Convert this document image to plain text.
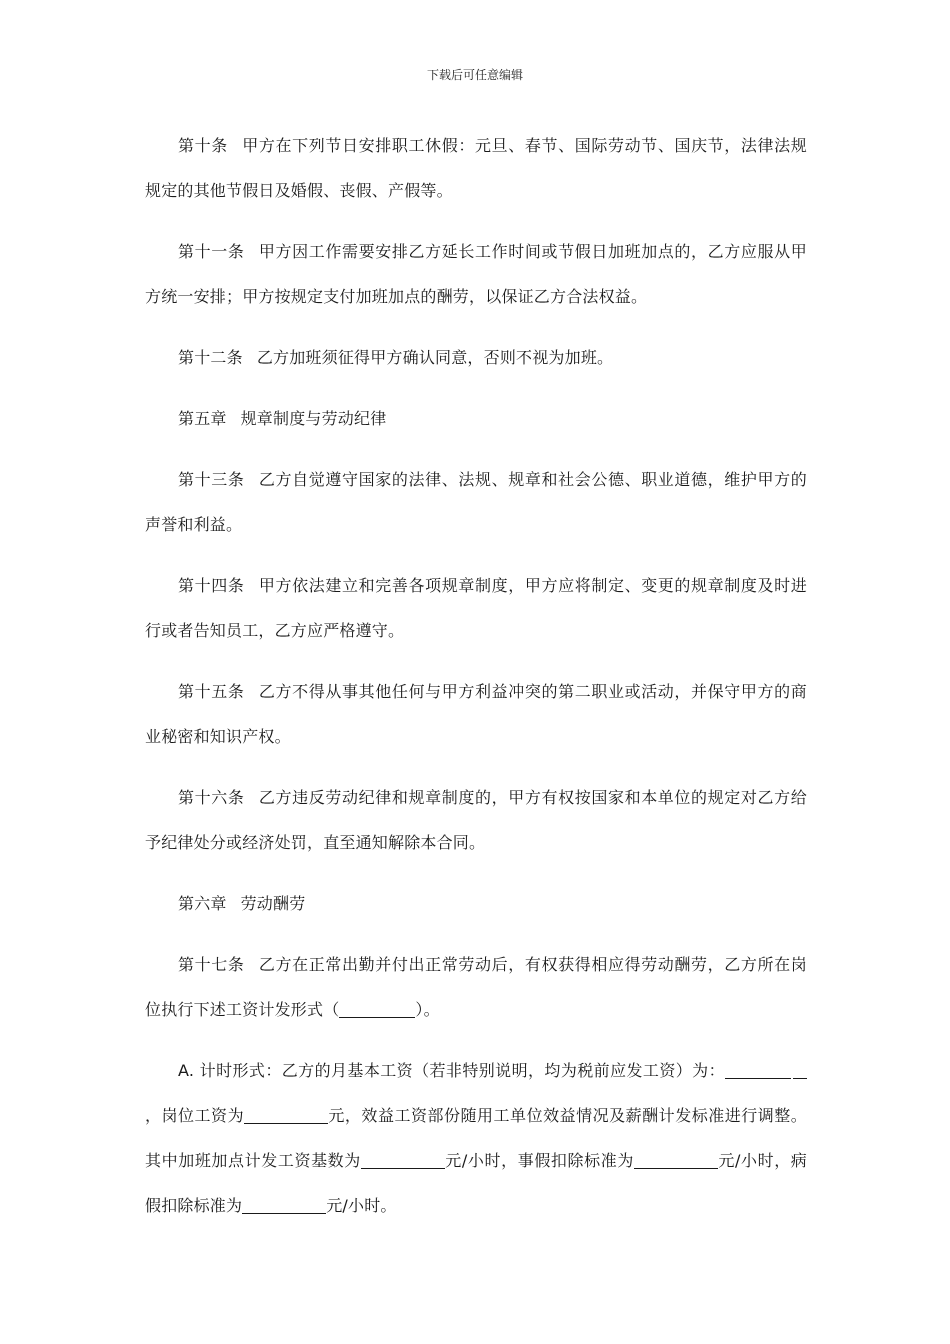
下载后可任意编辑

第十条 甲方在下列节日安排职工休假：元旦、春节、国际劳动节、国庆节，法律法规规定的其他节假日及婚假、丧假、产假等。

第十一条 甲方因工作需要安排乙方延长工作时间或节假日加班加点的，乙方应服从甲方统一安排；甲方按规定支付加班加点的酬劳，以保证乙方合法权益。

第十二条 乙方加班须征得甲方确认同意，否则不视为加班。

第五章 规章制度与劳动纪律

第十三条 乙方自觉遵守国家的法律、法规、规章和社会公德、职业道德，维护甲方的声誉和利益。

第十四条 甲方依法建立和完善各项规章制度，甲方应将制定、变更的规章制度及时进行或者告知员工，乙方应严格遵守。

第十五条 乙方不得从事其他任何与甲方利益冲突的第二职业或活动，并保守甲方的商业秘密和知识产权。

第十六条 乙方违反劳动纪律和规章制度的，甲方有权按国家和本单位的规定对乙方给予纪律处分或经济处罚，直至通知解除本合同。

第六章 劳动酬劳

第十七条 乙方在正常出勤并付出正常劳动后，有权获得相应得劳动酬劳，乙方所在岗位执行下述工资计发形式（	）。

A. 计时形式：乙方的月基本工资（若非特别说明，均为税前应发工资）为：，岗位工资为	元，效益工资部份随用工单位效益情况及薪酬计发标准进行调整。其中加班加点计发工资基数为	元/小时，事假扣除标准为	元/小时，病假扣除标准为	元/小时。
